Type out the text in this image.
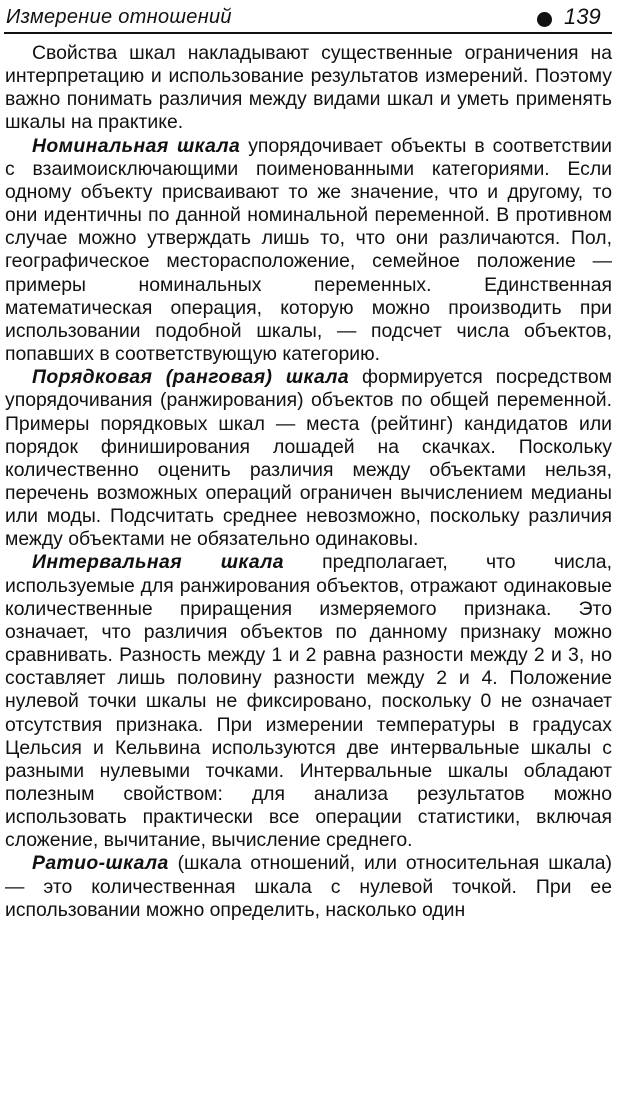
Измерение отношений	139

Свойства шкал накладывают существенные ограничения на интерпретацию и использование результатов измерений. Поэтому важно понимать различия между видами шкал и уметь применять шкалы на практике.

Номинальная шкала упорядочивает объекты в соответствии с взаимоисключающими поименованными категориями. Если одному объекту присваивают то же значение, что и другому, то они идентичны по данной номинальной переменной. В противном случае можно утверждать лишь то, что они различаются. Пол, географическое месторасположение, семейное положение — примеры номинальных переменных. Единственная математическая операция, которую можно производить при использовании подобной шкалы, — подсчет числа объектов, попавших в соответствующую категорию.

Порядковая (ранговая) шкала формируется посредством упорядочивания (ранжирования) объектов по общей переменной. Примеры порядковых шкал — места (рейтинг) кандидатов или порядок финиширования лошадей на скачках. Поскольку количественно оценить различия между объектами нельзя, перечень возможных операций ограничен вычислением медианы или моды. Подсчитать среднее невозможно, поскольку различия между объектами не обязательно одинаковы.

Интервальная шкала предполагает, что числа, используемые для ранжирования объектов, отражают одинаковые количественные приращения измеряемого признака. Это означает, что различия объектов по данному признаку можно сравнивать. Разность между 1 и 2 равна разности между 2 и 3, но составляет лишь половину разности между 2 и 4. Положение нулевой точки шкалы не фиксировано, поскольку 0 не означает отсутствия признака. При измерении температуры в градусах Цельсия и Кельвина используются две интервальные шкалы с разными нулевыми точками. Интервальные шкалы обладают полезным свойством: для анализа результатов можно использовать практически все операции статистики, включая сложение, вычитание, вычисление среднего.

Ратио-шкала (шкала отношений, или относительная шкала) — это количественная шкала с нулевой точкой. При ее использовании можно определить, насколько один
